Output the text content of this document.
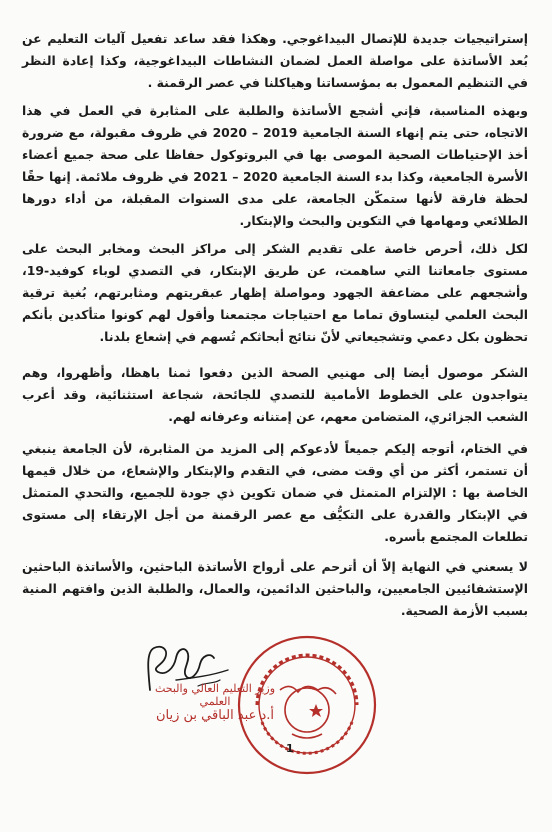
إستراتيجيات جديدة للإتصال البيداغوجي. وهكذا فقد ساعد تفعيل آليات التعليم عن بُعد الأساتذة على مواصلة العمل لضمان النشاطات البيداغوجية، وكذا إعادة النظر في التنظيم المعمول به بمؤسساتنا وهياكلنا في عصر الرقمنة .

وبهذه المناسبة، فإني أشجع الأساتذة والطلبة على المثابرة في العمل في هذا الاتجاه، حتى يتم إنهاء السنة الجامعية 2019 – 2020 في ظروف مقبولة، مع ضرورة أخذ الإحتياطات الصحية الموصى بها في البروتوكول حفاظا على صحة جميع أعضاء الأسرة الجامعية، وكذا بدء السنة الجامعية 2020 – 2021 في ظروف ملائمة. إنها حقًا لحظة فارقة لأنها ستمكّن الجامعة، على مدى السنوات المقبلة، من أداء دورها الطلائعي ومهامها في التكوين والبحث والإبتكار.

لكل ذلك، أحرص خاصة على تقديم الشكر إلى مراكز البحث ومخابر البحث على مستوى جامعاتنا التي ساهمت، عن طريق الإبتكار، في التصدي لوباء كوفيد-19، وأشجعهم على مضاعفة الجهود ومواصلة إظهار عبقريتهم ومثابرتهم، بُغية ترقية البحث العلمي ليتساوق تماما مع احتياجات مجتمعنا وأقول لهم كونوا متأكدين بأنكم تحظون بكل دعمي وتشجيعاتي لأنّ نتائج أبحاثكم تُسهم في إشعاع بلدنا.

الشكر موصول أيضا إلى مهنيي الصحة الذين دفعوا ثمنا باهظا، وأظهروا، وهم يتواجدون على الخطوط الأمامية للتصدي للجائحة، شجاعة استثنائية، وقد أعرب الشعب الجزائري، المتضامن معهم، عن إمتنانه وعرفانه لهم.

في الختام، أتوجه إليكم جميعاً لأدعوكم إلى المزيد من المثابرة، لأن الجامعة ينبغي أن تستمر، أكثر من أي وقت مضى، في التقدم والإبتكار والإشعاع، من خلال قيمها الخاصة بها : الإلتزام المتمثل في ضمان تكوين ذي جودة للجميع، والتحدي المتمثل في الإبتكار والقدرة على التكيُّف مع عصر الرقمنة من أجل الإرتقاء إلى مستوى تطلعات المجتمع بأسره.

لا يسعني في النهاية إلاّ أن أترحم على أرواح الأساتذة الباحثين، والأساتذة الباحثين الإستشفائيين الجامعيين، والباحثين الدائمين، والعمال، والطلبة الذين وافتهم المنية بسبب الأزمة الصحية.

وزير التعليم العالي والبحث العلمي

أ.د عبد الباقي بن زيان

1
